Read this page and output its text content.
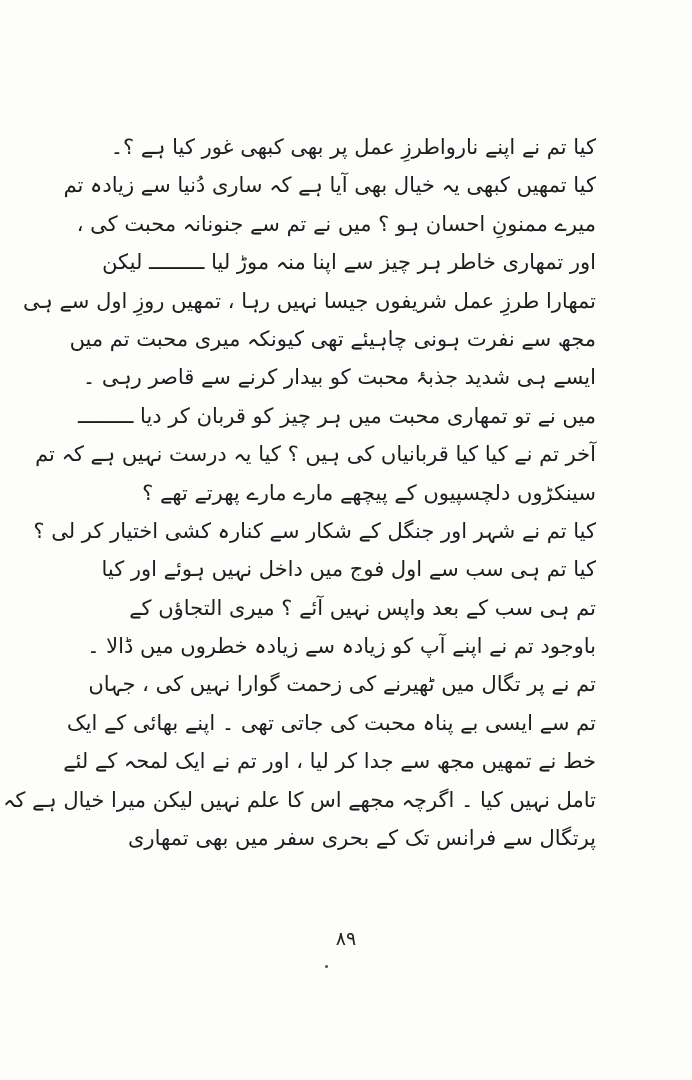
کیا تم نے اپنے نارواطرزِ عمل پر بھی کبھی غور کیا ہے ؟۔
کیا تمھیں کبھی یہ خیال بھی آیا ہے کہ ساری دُنیا سے زیادہ تم
میرے ممنونِ احسان ہو ؟ میں نے تم سے جنونانہ محبت کی ،
اور تمھاری خاطر ہر چیز سے اپنا منہ موڑ لیا ـــــــــ لیکن
تمھارا طرزِ عمل شریفوں جیسا نہیں رہا ، تمھیں روزِ اول سے ہی
مجھ سے نفرت ہونی چاہیئے تھی کیونکہ میری محبت تم میں
ایسے ہی شدید جذبۂ محبت کو بیدار کرنے سے قاصر رہی ۔
میں نے تو تمھاری محبت میں ہر چیز کو قربان کر دیا ـــــــــ
آخر تم نے کیا کیا قربانیاں کی ہیں ؟ کیا یہ درست نہیں ہے کہ تم
سینکڑوں دلچسپیوں کے پیچھے مارے مارے پھرتے تھے ؟
کیا تم نے شہر اور جنگل کے شکار سے کنارہ کشی اختیار کر لی ؟
کیا تم ہی سب سے اول فوج میں داخل نہیں ہوئے اور کیا
تم ہی سب کے بعد واپس نہیں آئے ؟ میری التجاؤں کے
باوجود تم نے اپنے آپ کو زیادہ سے زیادہ خطروں میں ڈالا ۔
تم نے پر تگال میں ٹھیرنے کی زحمت گوارا نہیں کی ، جہاں
تم سے ایسی بے پناہ محبت کی جاتی تھی ۔ اپنے بھائی کے ایک
خط نے تمھیں مجھ سے جدا کر لیا ، اور تم نے ایک لمحہ کے لئے
تامل نہیں کیا ۔ اگرچہ مجھے اس کا علم نہیں لیکن میرا خیال ہے کہ
پرتگال سے فرانس تک کے بحری سفر میں بھی تمھاری
۸۹
